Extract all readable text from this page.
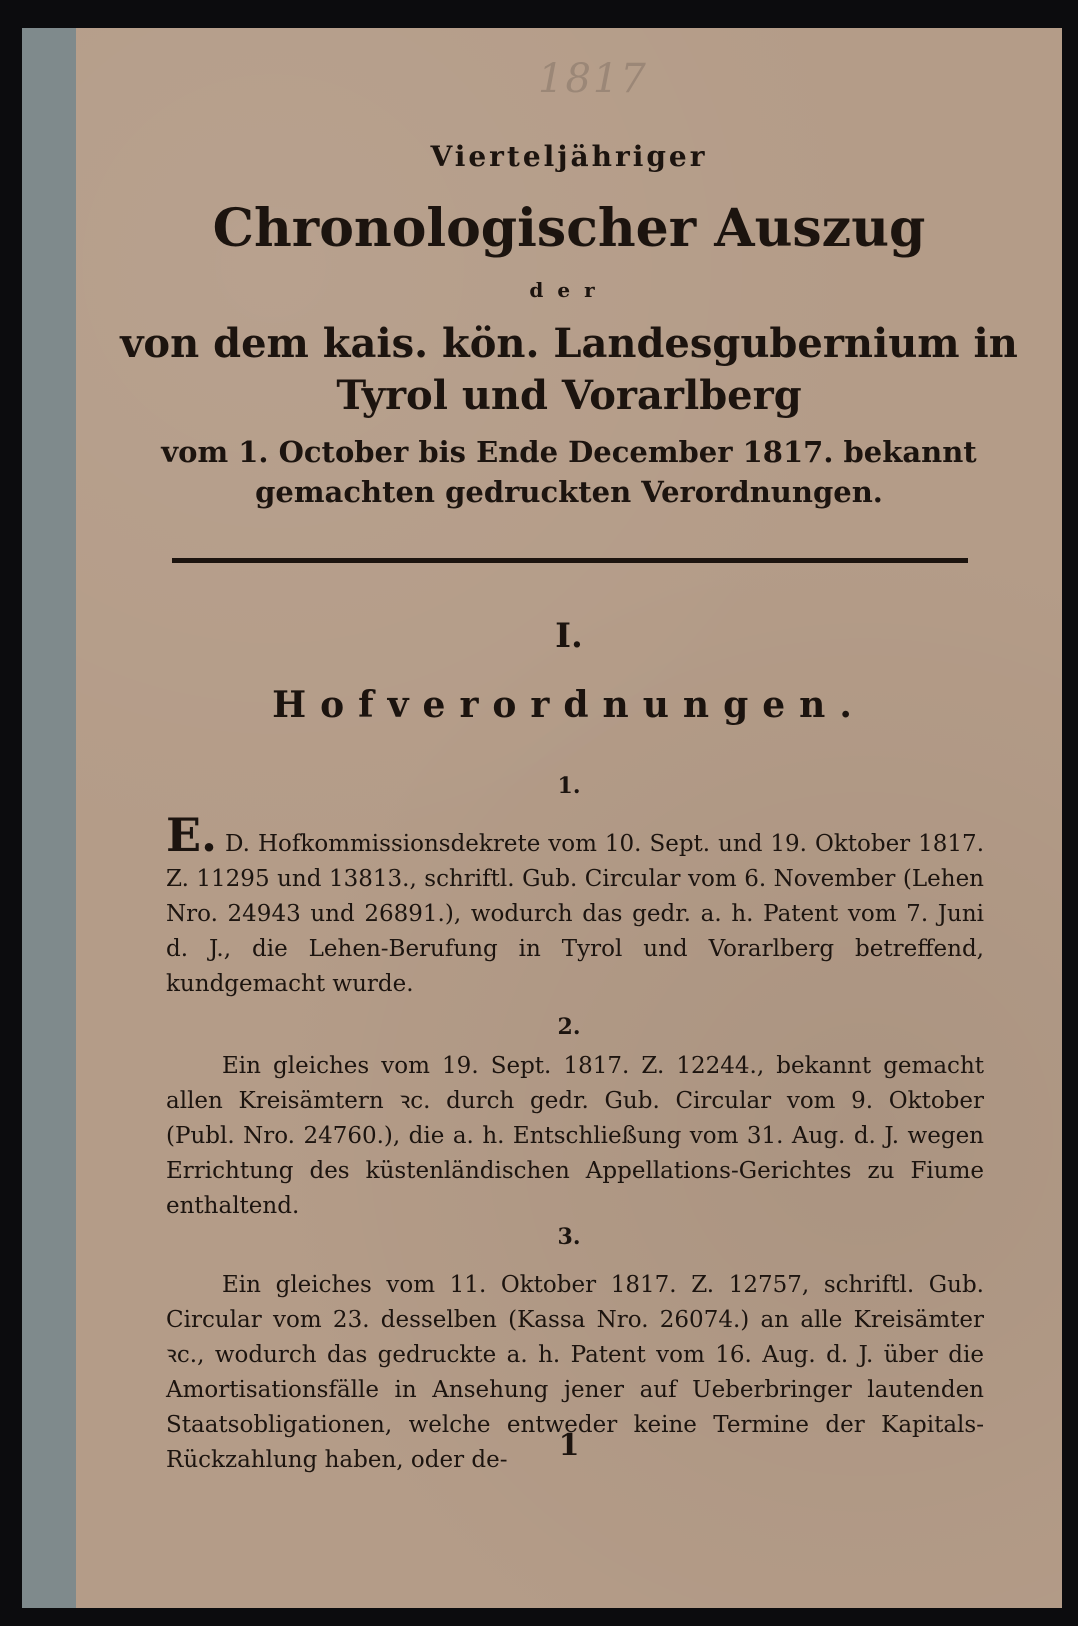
1817
Vierteljähriger
Chronologischer Auszug
der
von dem kais. kön. Landesgubernium in Tyrol und Vorarlberg
vom 1. October bis Ende December 1817. bekannt gemachten gedruckten Verordnungen.
I.
Hofverordnungen.
1.
E. D. Hofkommissionsdekrete vom 10. Sept. und 19. Oktober 1817. Z. 11295 und 13813., schriftl. Gub. Circular vom 6. November (Lehen Nro. 24943 und 26891.), wodurch das gedr. a. h. Patent vom 7. Juni d. J., die Lehen-Berufung in Tyrol und Vorarlberg betreffend, kundgemacht wurde.
2.
Ein gleiches vom 19. Sept. 1817. Z. 12244., bekannt gemacht allen Kreisämtern ꝛc. durch gedr. Gub. Circular vom 9. Oktober (Publ. Nro. 24760.), die a. h. Entschließung vom 31. Aug. d. J. wegen Errichtung des küstenländischen Appellations-Gerichtes zu Fiume enthaltend.
3.
Ein gleiches vom 11. Oktober 1817. Z. 12757, schriftl. Gub. Circular vom 23. desselben (Kassa Nro. 26074.) an alle Kreisämter ꝛc., wodurch das gedruckte a. h. Patent vom 16. Aug. d. J. über die Amortisationsfälle in Ansehung jener auf Ueberbringer lautenden Staatsobligationen, welche entweder keine Termine der Kapitals-Rückzahlung haben, oder de-	1
